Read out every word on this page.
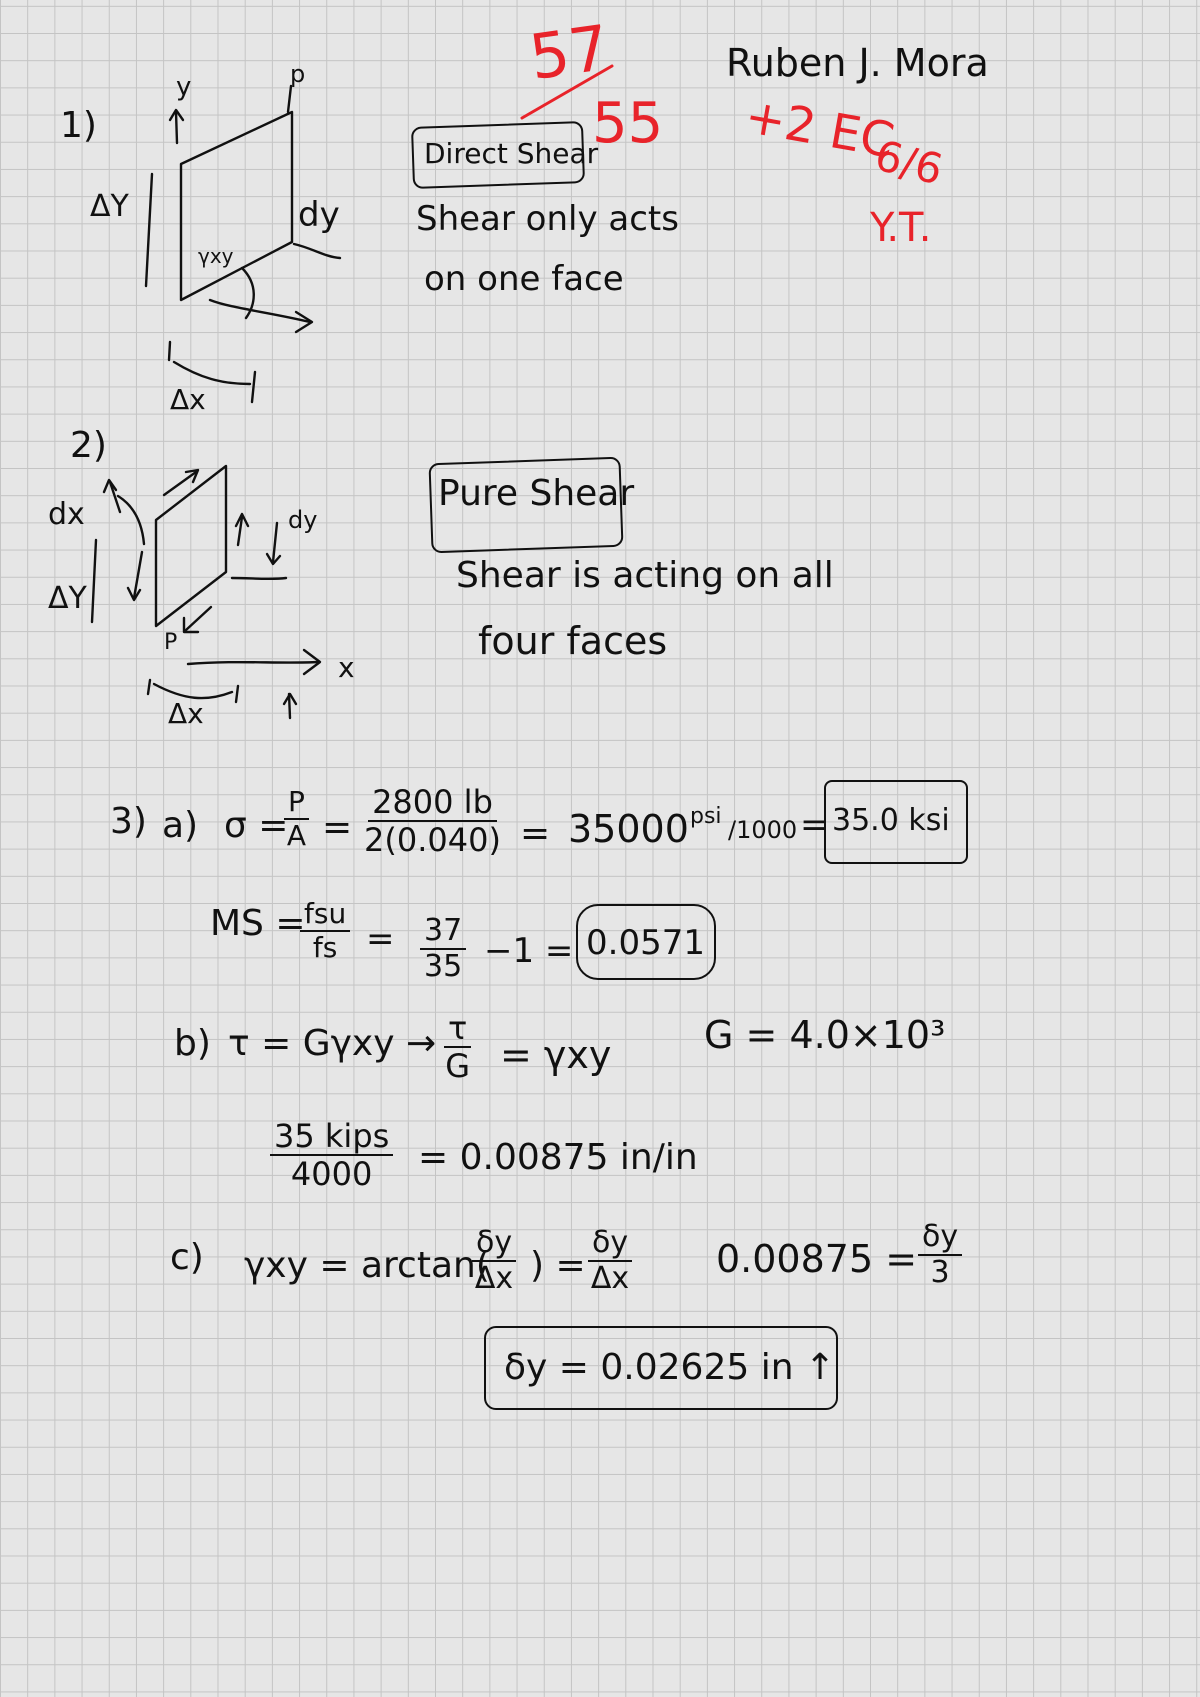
57
55 +2 EC
6/6
Y.T.
Ruben J. Mora
1)
y	p
ΔY	dy
γxy
Δx
Direct Shear
Shear only acts
on one face
2)
dx	dy
ΔY
P
x
Δx
Pure Shear
Shear is acting on all
four faces
3) a) σ =
$\frac{P}{A} = \frac{2800 lb}{2(0.040)} = 35000$ psi /1000 = 35.0 ksi
MS =
fsu
fs = $\frac{37}{35} -1 = 0.0571$
b) $\tau = G\gamma xy \to \frac{\tau}{G} = \gamma xy$ G = 4.0×10³
35 kips
4000 = 0.00875 in/in
c) γxy = arctan(
$\frac{\delta y}{\Delta x}$ ) = $\frac{\delta y}{\Delta x} 0.00875 = \frac{\delta y}{3}$
δy = 0.02625 in ↑
